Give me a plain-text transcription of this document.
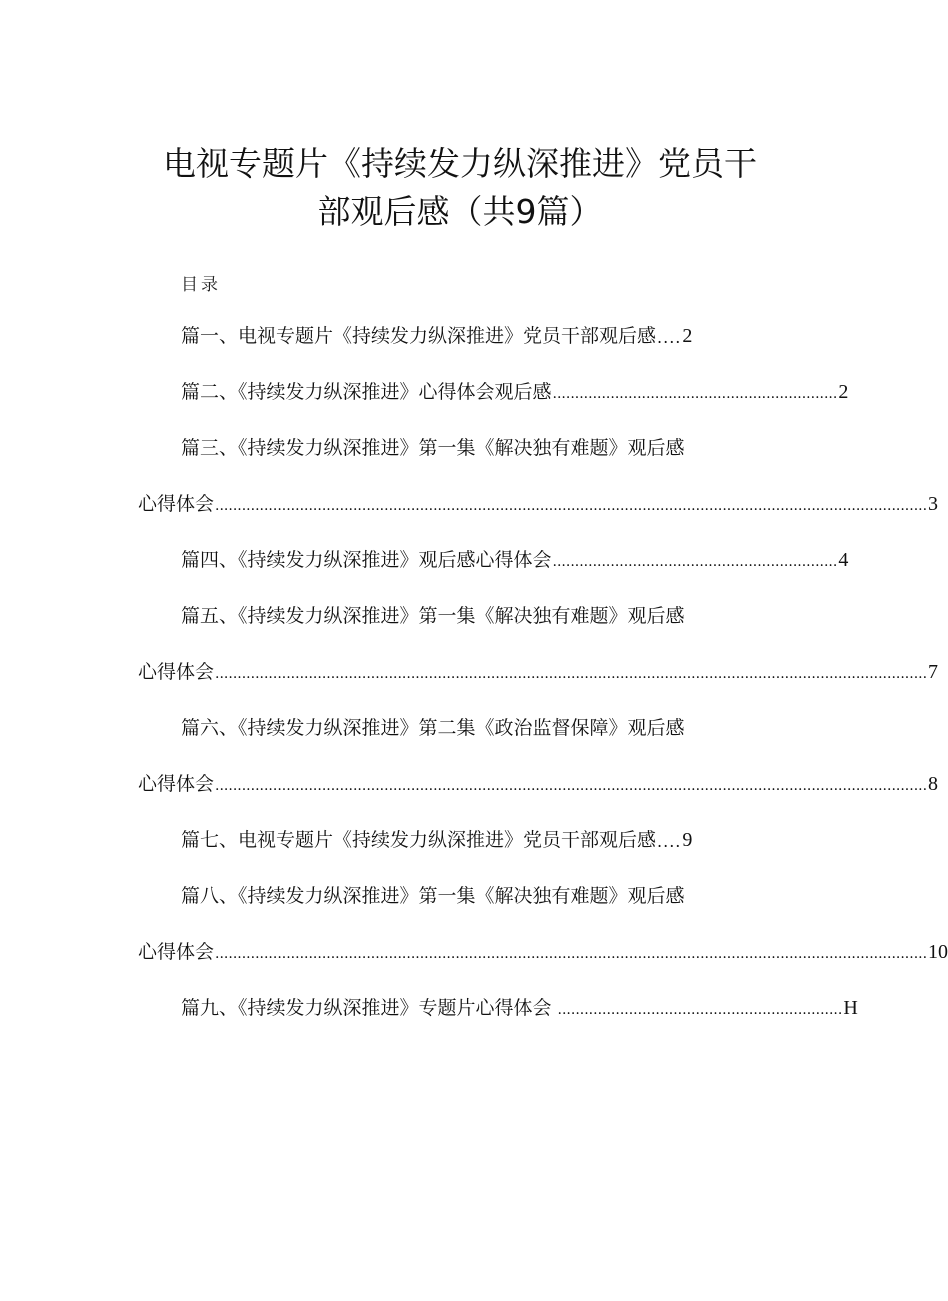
电视专题片《持续发力纵深推进》党员干
部观后感（共9篇）
目录
篇一、电视专题片《持续发力纵深推进》党员干部观后感 .... 2
篇二、《持续发力纵深推进》心得体会观后感 ................................................................ 2
篇三、《持续发力纵深推进》第一集《解决独有难题》观后感
心得体会 ................................................................................................................................................................ 3
篇四、《持续发力纵深推进》观后感心得体会 ................................................................ 4
篇五、《持续发力纵深推进》第一集《解决独有难题》观后感
心得体会 ................................................................................................................................................................ 7
篇六、《持续发力纵深推进》第二集《政治监督保障》观后感
心得体会 ................................................................................................................................................................ 8
篇七、电视专题片《持续发力纵深推进》党员干部观后感 .... 9
篇八、《持续发力纵深推进》第一集《解决独有难题》观后感
心得体会 ................................................................................................................................................................ 10
篇九、《持续发力纵深推进》专题片心得体会 ................................................................ H
